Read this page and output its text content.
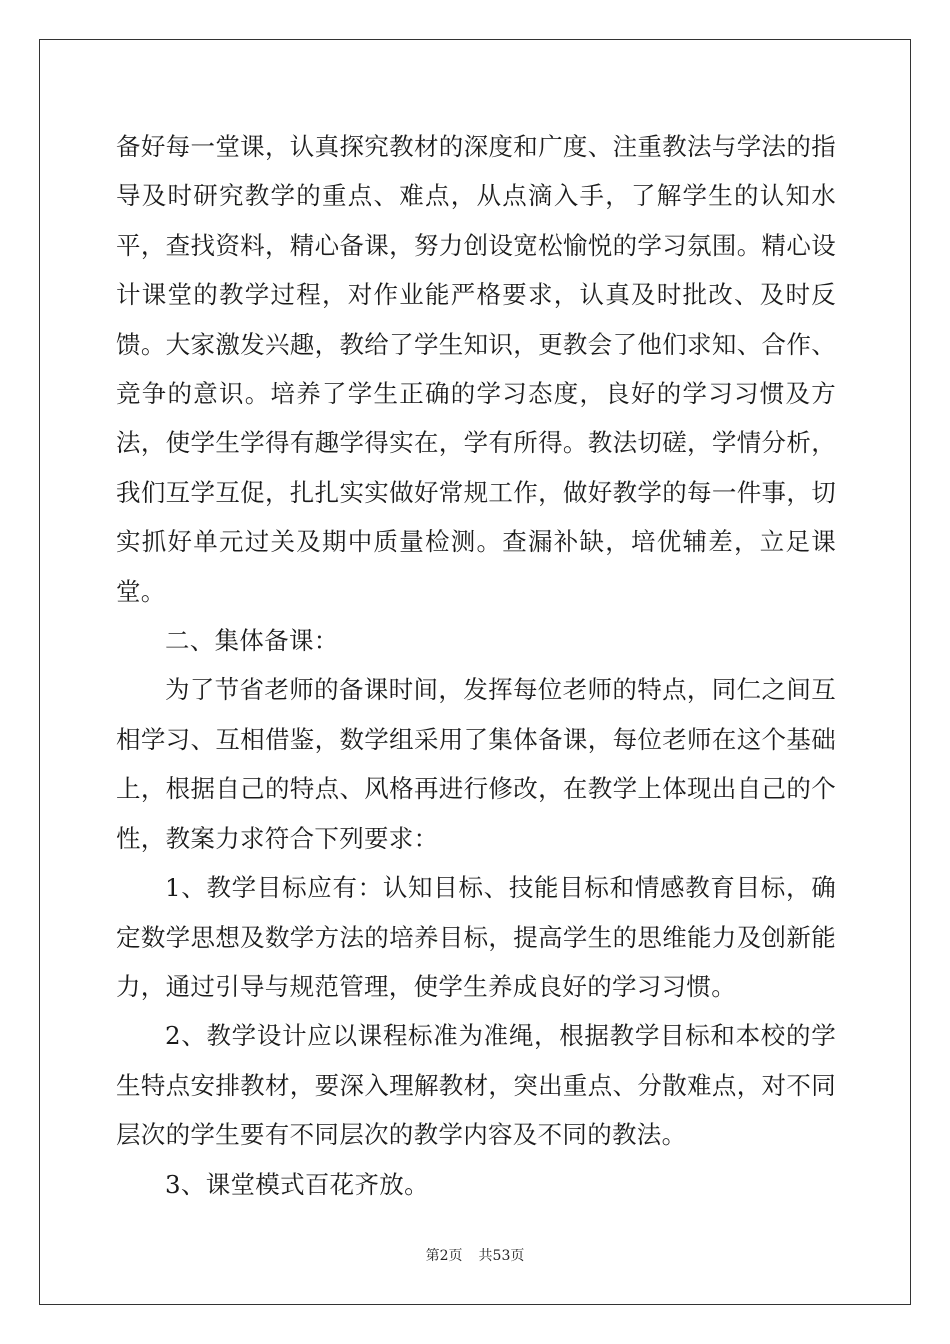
备好每一堂课，认真探究教材的深度和广度、注重教法与学法的指导及时研究教学的重点、难点，从点滴入手，了解学生的认知水平，查找资料，精心备课，努力创设宽松愉悦的学习氛围。精心设计课堂的教学过程，对作业能严格要求，认真及时批改、及时反馈。大家激发兴趣，教给了学生知识，更教会了他们求知、合作、竞争的意识。培养了学生正确的学习态度，良好的学习习惯及方法，使学生学得有趣学得实在，学有所得。教法切磋，学情分析，我们互学互促，扎扎实实做好常规工作，做好教学的每一件事，切实抓好单元过关及期中质量检测。查漏补缺，培优辅差，立足课堂。

二、集体备课：

为了节省老师的备课时间，发挥每位老师的特点，同仁之间互相学习、互相借鉴，数学组采用了集体备课，每位老师在这个基础上，根据自己的特点、风格再进行修改，在教学上体现出自己的个性，教案力求符合下列要求：

1、教学目标应有：认知目标、技能目标和情感教育目标，确定数学思想及数学方法的培养目标，提高学生的思维能力及创新能力，通过引导与规范管理，使学生养成良好的学习习惯。

2、教学设计应以课程标准为准绳，根据教学目标和本校的学生特点安排教材，要深入理解教材，突出重点、分散难点，对不同层次的学生要有不同层次的教学内容及不同的教法。

3、课堂模式百花齐放。

第2页 共53页
